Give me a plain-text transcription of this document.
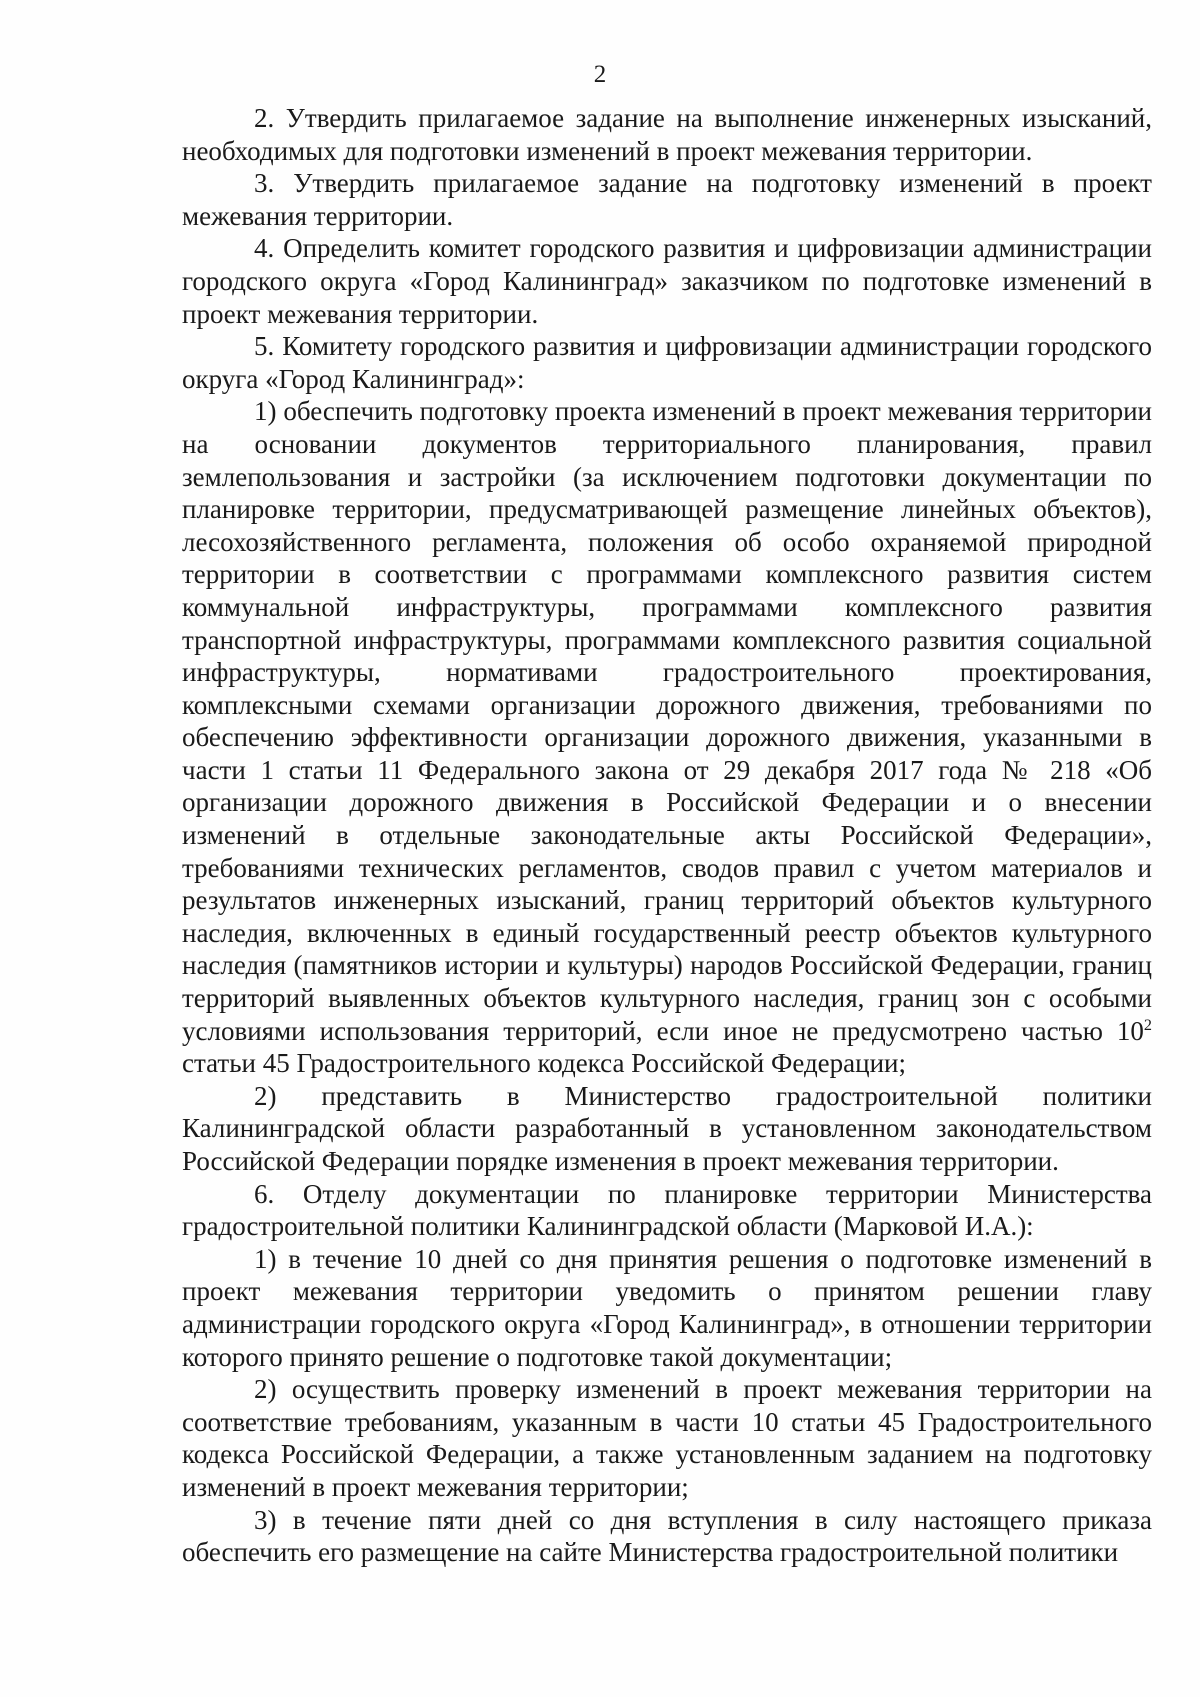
2

2. Утвердить прилагаемое задание на выполнение инженерных изысканий, необходимых для подготовки изменений в проект межевания территории.

3. Утвердить прилагаемое задание на подготовку изменений в проект межевания территории.

4. Определить комитет городского развития и цифровизации администрации городского округа «Город Калининград» заказчиком по подготовке изменений в проект межевания территории.

5. Комитету городского развития и цифровизации администрации городского округа «Город Калининград»:

1) обеспечить подготовку проекта изменений в проект межевания территории на основании документов территориального планирования, правил землепользования и застройки (за исключением подготовки документации по планировке территории, предусматривающей размещение линейных объектов), лесохозяйственного регламента, положения об особо охраняемой природной территории в соответствии с программами комплексного развития систем коммунальной инфраструктуры, программами комплексного развития транспортной инфраструктуры, программами комплексного развития социальной инфраструктуры, нормативами градостроительного проектирования, комплексными схемами организации дорожного движения, требованиями по обеспечению эффективности организации дорожного движения, указанными в части 1 статьи 11 Федерального закона от 29 декабря 2017 года № 218 «Об организации дорожного движения в Российской Федерации и о внесении изменений в отдельные законодательные акты Российской Федерации», требованиями технических регламентов, сводов правил с учетом материалов и результатов инженерных изысканий, границ территорий объектов культурного наследия, включенных в единый государственный реестр объектов культурного наследия (памятников истории и культуры) народов Российской Федерации, границ территорий выявленных объектов культурного наследия, границ зон с особыми условиями использования территорий, если иное не предусмотрено частью $10^2$ статьи 45 Градостроительного кодекса Российской Федерации;

2) представить в Министерство градостроительной политики Калининградской области разработанный в установленном законодательством Российской Федерации порядке изменения в проект межевания территории.

6. Отделу документации по планировке территории Министерства градостроительной политики Калининградской области (Марковой И.А.):

1) в течение 10 дней со дня принятия решения о подготовке изменений в проект межевания территории уведомить о принятом решении главу администрации городского округа «Город Калининград», в отношении территории которого принято решение о подготовке такой документации;

2) осуществить проверку изменений в проект межевания территории на соответствие требованиям, указанным в части 10 статьи 45 Градостроительного кодекса Российской Федерации, а также установленным заданием на подготовку изменений в проект межевания территории;

3) в течение пяти дней со дня вступления в силу настоящего приказа обеспечить его размещение на сайте Министерства градостроительной политики
